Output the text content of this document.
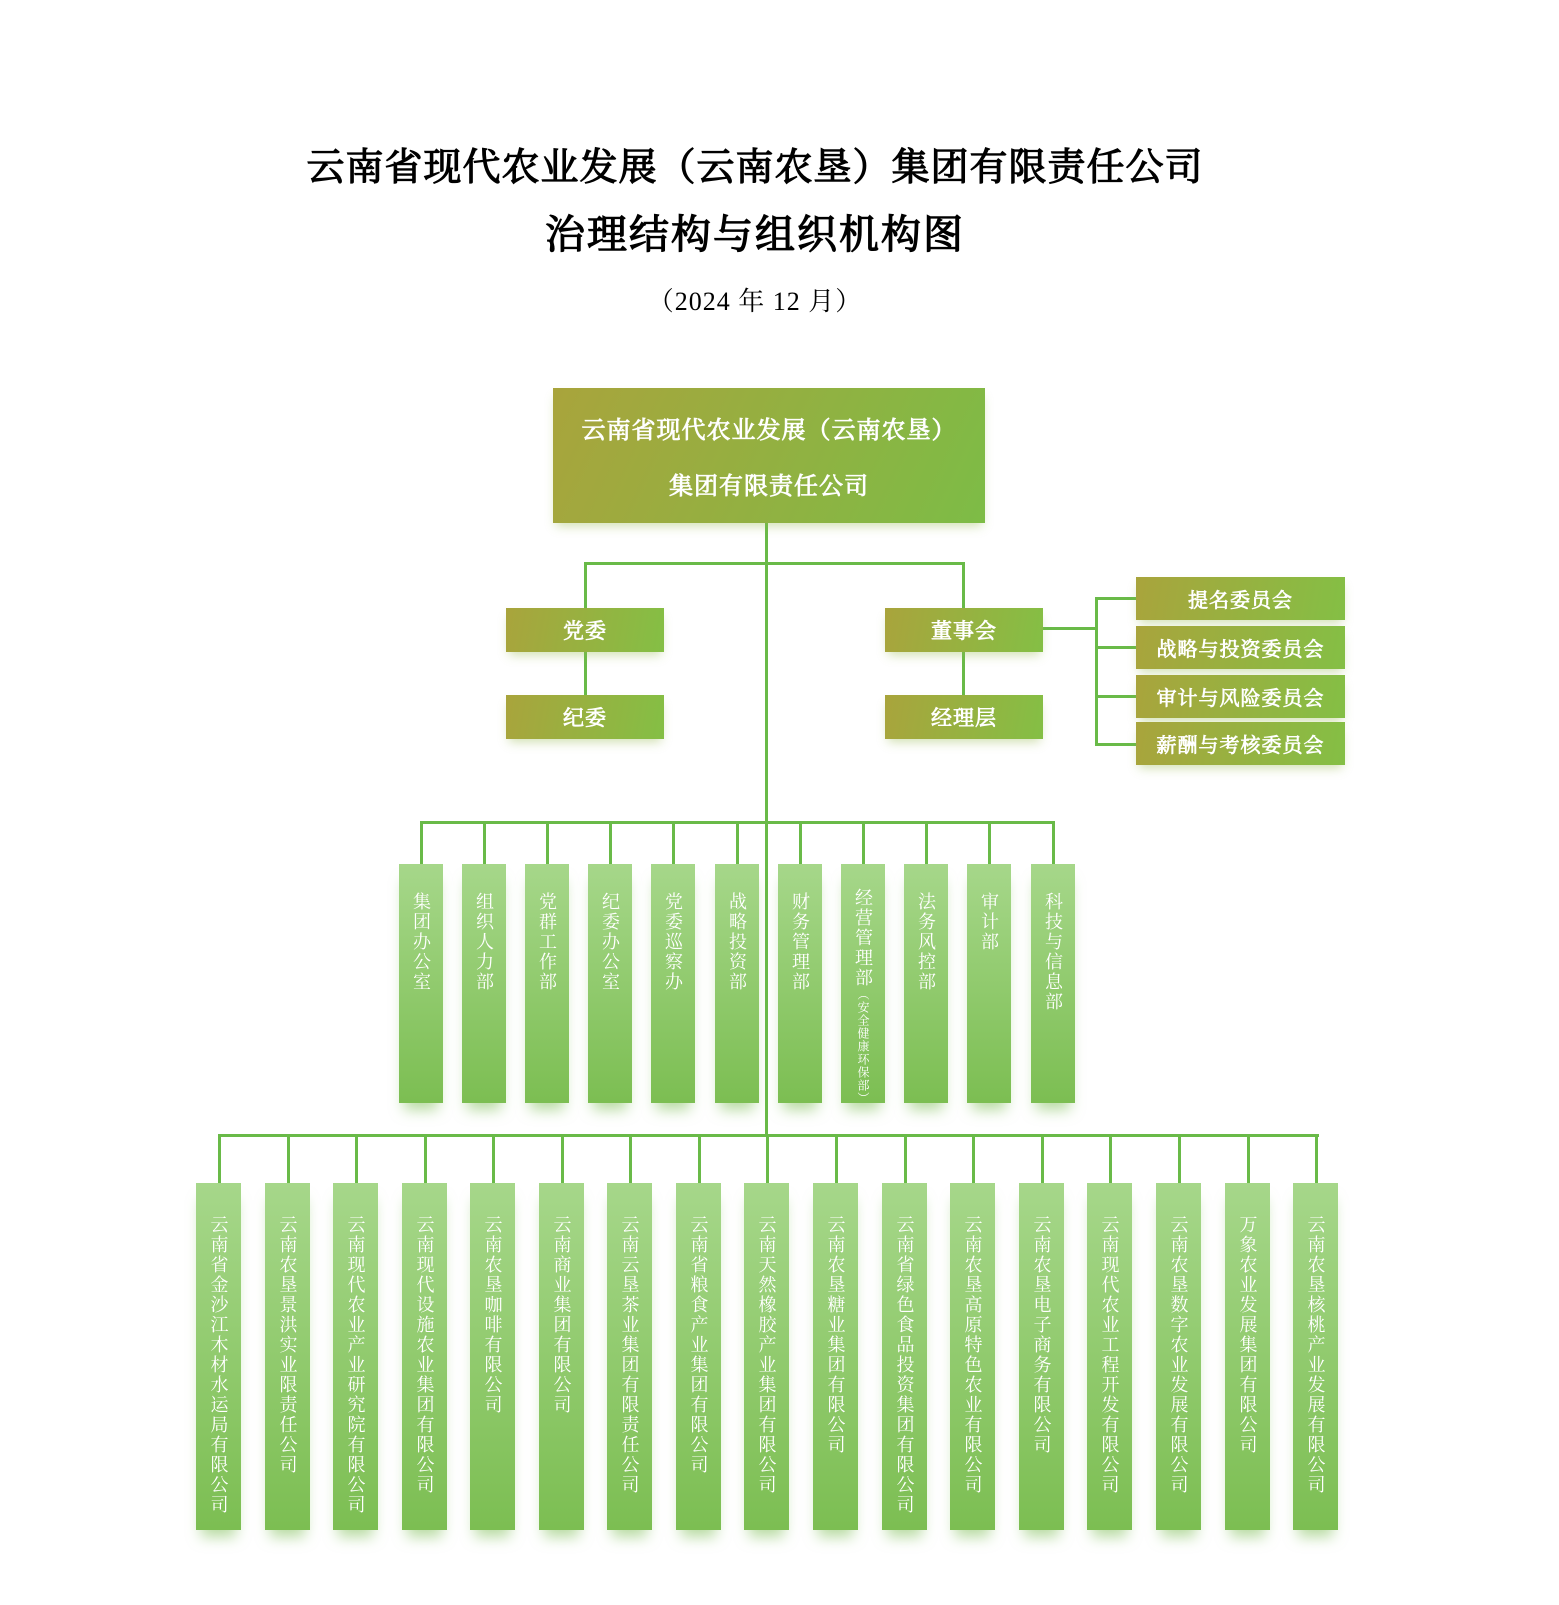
云南省现代农业发展（云南农垦）集团有限责任公司
治理结构与组织机构图
（2024 年 12 月）
云南省现代农业发展（云南农垦）
集团有限责任公司
党委	董事会
纪委	经理层
提名委员会
战略与投资委员会
审计与风险委员会
薪酬与考核委员会
集团办公室 组织人力部 党群工作部 纪委办公室 党委巡察办 战略投资部 财务管理部 经营管理部（安全健康环保部）
法务风控部 审计部 科技与信息部
云南省金沙江木材水运局有限公司	云南农垦景洪实业限责任公司	云南现代农业产业研究院有限公司	云南现代设施农业集团有限公司	云南农垦咖啡有限公司	云南商业集团有限公司	云南云垦茶业集团有限责任公司	云南省粮食产业集团有限公司	云南天然橡胶产业集团有限公司	云南农垦糖业集团有限公司	云南省绿色食品投资集团有限公司	云南农垦高原特色农业有限公司	云南农垦电子商务有限公司	云南现代农业工程开发有限公司	云南农垦数字农业发展有限公司	万象农业发展集团有限公司	云南农垦核桃产业发展有限公司
